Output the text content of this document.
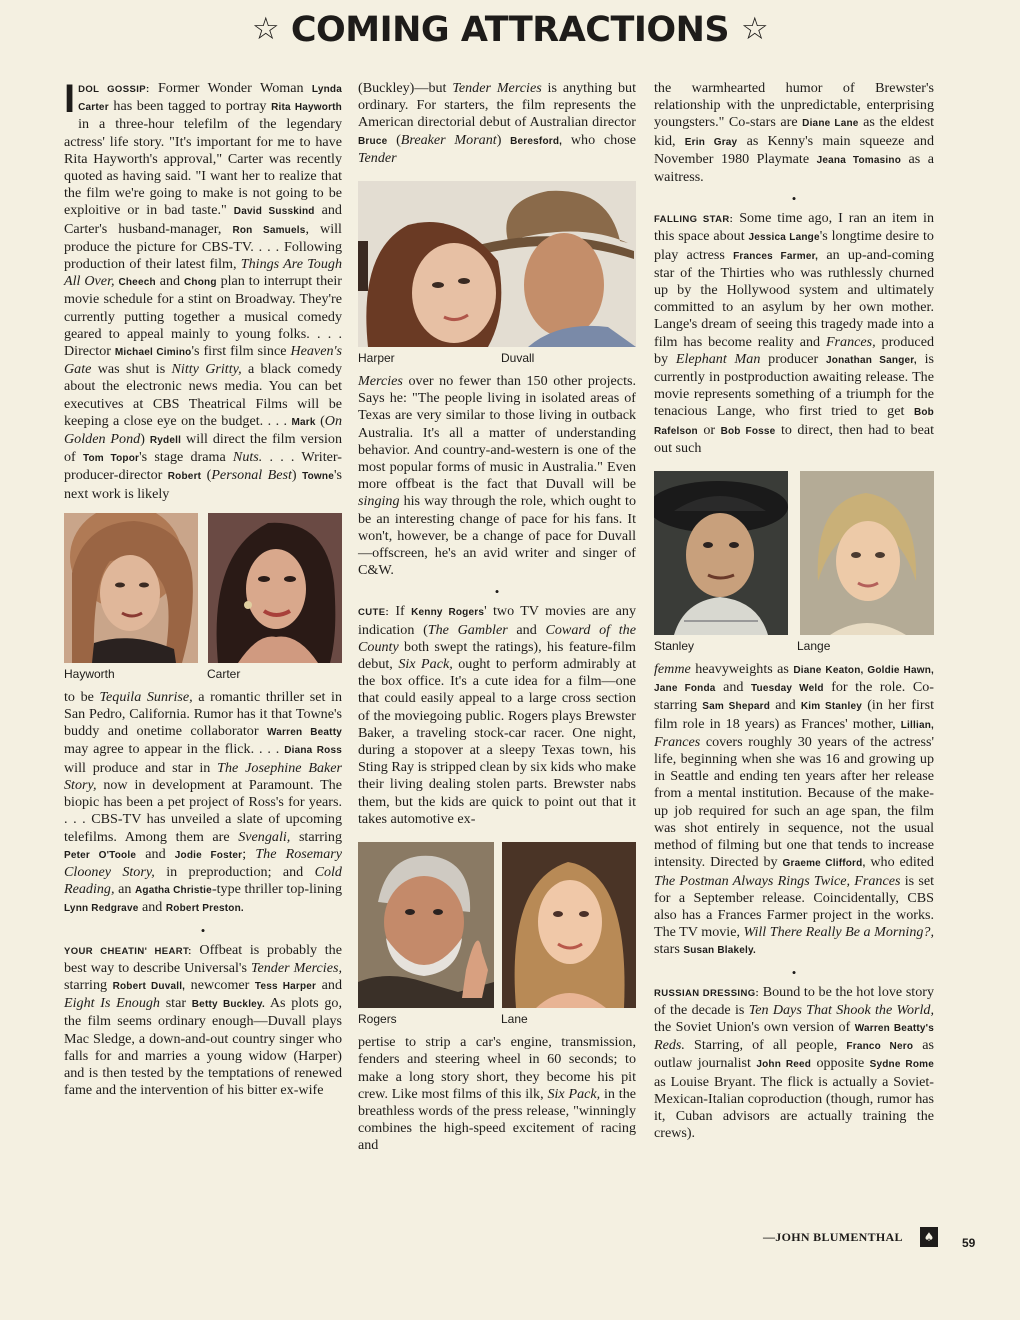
☆ COMING ATTRACTIONS ☆

IDOL GOSSIP: Former Wonder Woman Lynda Carter has been tagged to portray Rita Hayworth in a three-hour telefilm of the legendary actress' life story. "It's important for me to have Rita Hayworth's approval," Carter was recently quoted as having said. "I want her to realize that the film we're going to make is not going to be exploitive or in bad taste." David Susskind and Carter's husband-manager, Ron Samuels, will produce the picture for CBS-TV. . . . Following production of their latest film, Things Are Tough All Over, Cheech and Chong plan to interrupt their movie schedule for a stint on Broadway. They're currently putting together a musical comedy geared to appeal mainly to young folks. . . . Director Michael Cimino's first film since Heaven's Gate was shut is Nitty Gritty, a black comedy about the electronic news media. You can bet executives at CBS Theatrical Films will be keeping a close eye on the budget. . . . Mark (On Golden Pond) Rydell will direct the film version of Tom Topor's stage drama Nuts. . . . Writer-producer-director Robert (Personal Best) Towne's next work is likely

Hayworth	Carter

to be Tequila Sunrise, a romantic thriller set in San Pedro, California. Rumor has it that Towne's buddy and onetime collaborator Warren Beatty may agree to appear in the flick. . . . Diana Ross will produce and star in The Josephine Baker Story, now in development at Paramount. The biopic has been a pet project of Ross's for years. . . . CBS-TV has unveiled a slate of upcoming telefilms. Among them are Svengali, starring Peter O'Toole and Jodie Foster; The Rosemary Clooney Story, in preproduction; and Cold Reading, an Agatha Christie-type thriller top-lining Lynn Redgrave and Robert Preston.

•

YOUR CHEATIN' HEART: Offbeat is probably the best way to describe Universal's Tender Mercies, starring Robert Duvall, newcomer Tess Harper and Eight Is Enough star Betty Buckley. As plots go, the film seems ordinary enough—Duvall plays Mac Sledge, a down-and-out country singer who falls for and marries a young widow (Harper) and is then tested by the temptations of renewed fame and the intervention of his bitter ex-wife

(Buckley)—but Tender Mercies is anything but ordinary. For starters, the film represents the American directorial debut of Australian director Bruce (Breaker Morant) Beresford, who chose Tender

Harper	Duvall

Mercies over no fewer than 150 other projects. Says he: "The people living in isolated areas of Texas are very similar to those living in outback Australia. It's all a matter of understanding behavior. And country-and-western is one of the most popular forms of music in Australia." Even more offbeat is the fact that Duvall will be singing his way through the role, which ought to be an interesting change of pace for his fans. It won't, however, be a change of pace for Duvall—offscreen, he's an avid writer and singer of C&W.

•

CUTE: If Kenny Rogers' two TV movies are any indication (The Gambler and Coward of the County both swept the ratings), his feature-film debut, Six Pack, ought to perform admirably at the box office. It's a cute idea for a film—one that could easily appeal to a large cross section of the moviegoing public. Rogers plays Brewster Baker, a traveling stock-car racer. One night, during a stopover at a sleepy Texas town, his Sting Ray is stripped clean by six kids who make their living dealing stolen parts. Brewster nabs them, but the kids are quick to point out that it takes automotive ex-

Rogers	Lane

pertise to strip a car's engine, transmission, fenders and steering wheel in 60 seconds; to make a long story short, they become his pit crew. Like most films of this ilk, Six Pack, in the breathless words of the press release, "winningly combines the high-speed excitement of racing and

the warmhearted humor of Brewster's relationship with the unpredictable, enterprising youngsters." Co-stars are Diane Lane as the eldest kid, Erin Gray as Kenny's main squeeze and November 1980 Playmate Jeana Tomasino as a waitress.

•

FALLING STAR: Some time ago, I ran an item in this space about Jessica Lange's longtime desire to play actress Frances Farmer, an up-and-coming star of the Thirties who was ruthlessly churned up by the Hollywood system and ultimately committed to an asylum by her own mother. Lange's dream of seeing this tragedy made into a film has become reality and Frances, produced by Elephant Man producer Jonathan Sanger, is currently in postproduction awaiting release. The movie represents something of a triumph for the tenacious Lange, who first tried to get Bob Rafelson or Bob Fosse to direct, then had to beat out such

Stanley	Lange

femme heavyweights as Diane Keaton, Goldie Hawn, Jane Fonda and Tuesday Weld for the role. Co-starring Sam Shepard and Kim Stanley (in her first film role in 18 years) as Frances' mother, Lillian, Frances covers roughly 30 years of the actress' life, beginning when she was 16 and growing up in Seattle and ending ten years after her release from a mental institution. Because of the make-up job required for such an age span, the film was shot entirely in sequence, not the usual method of filming but one that tends to increase intensity. Directed by Graeme Clifford, who edited The Postman Always Rings Twice, Frances is set for a September release. Coincidentally, CBS also has a Frances Farmer project in the works. The TV movie, Will There Really Be a Morning?, stars Susan Blakely.

•

RUSSIAN DRESSING: Bound to be the hot love story of the decade is Ten Days That Shook the World, the Soviet Union's own version of Warren Beatty's Reds. Starring, of all people, Franco Nero as outlaw journalist John Reed opposite Sydne Rome as Louise Bryant. The flick is actually a Soviet-Mexican-Italian coproduction (though, rumor has it, Cuban advisors are actually training the crews).

—JOHN BLUMENTHAL	♠	59
